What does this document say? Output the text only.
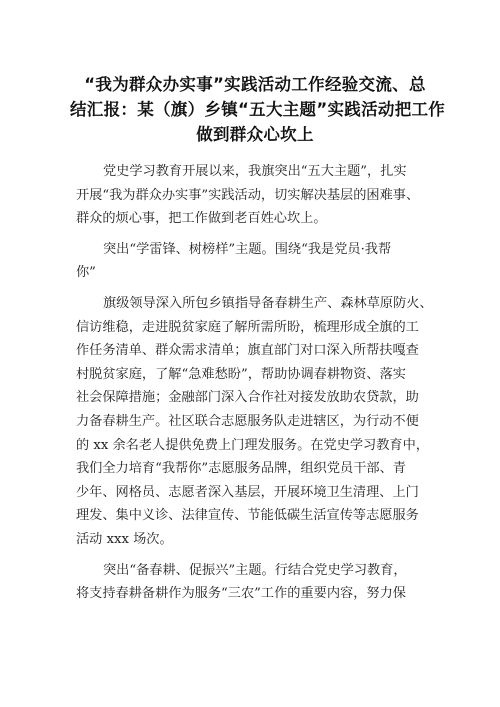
“我为群众办实事”实践活动工作经验交流、总
结汇报：某（旗）乡镇“五大主题”实践活动把工作
做到群众心坎上
党史学习教育开展以来，我旗突出“五大主题”，扎实
开展“我为群众办实事”实践活动，切实解决基层的困难事、
群众的烦心事，把工作做到老百姓心坎上。
突出“学雷锋、树榜样”主题。围绕“我是党员·我帮
你”
旗级领导深入所包乡镇指导备春耕生产、森林草原防火、
信访维稳，走进脱贫家庭了解所需所盼，梳理形成全旗的工
作任务清单、群众需求清单；旗直部门对口深入所帮扶嘎查
村脱贫家庭，了解“急难愁盼”，帮助协调春耕物资、落实
社会保障措施；金融部门深入合作社对接发放助农贷款，助
力备春耕生产。社区联合志愿服务队走进辖区，为行动不便
的 xx 余名老人提供免费上门理发服务。在党史学习教育中，
我们全力培育“我帮你”志愿服务品牌，组织党员干部、青
少年、网格员、志愿者深入基层，开展环境卫生清理、上门
理发、集中义诊、法律宣传、节能低碳生活宣传等志愿服务
活动 xxx 场次。
突出“备春耕、促振兴”主题。行结合党史学习教育，
将支持春耕备耕作为服务“三农”工作的重要内容，努力保
